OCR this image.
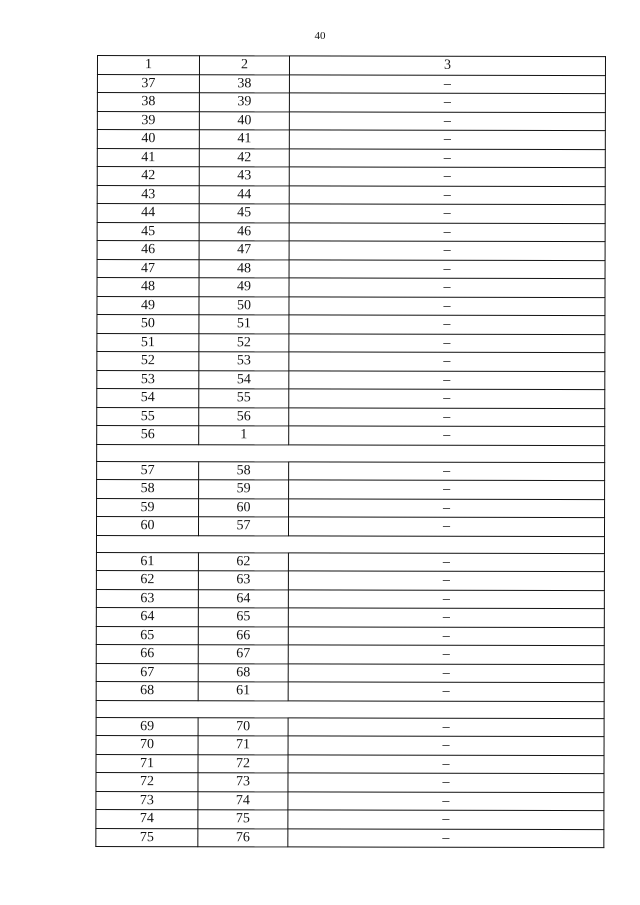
40
1	2	3
37	38	–
38	39	–
39	40	–
40	41	–
41	42	–
42	43	–
43	44	–
44	45	–
45	46	–
46	47	–
47	48	–
48	49	–
49	50	–
50	51	–
51	52	–
52	53	–
53	54	–
54	55	–
55	56	–
56	1	–

57	58	–
58	59	–
59	60	–
60	57	–

61	62	–
62	63	–
63	64	–
64	65	–
65	66	–
66	67	–
67	68	–
68	61	–

69	70	–
70	71	–
71	72	–
72	73	–
73	74	–
74	75	–
75	76	–
